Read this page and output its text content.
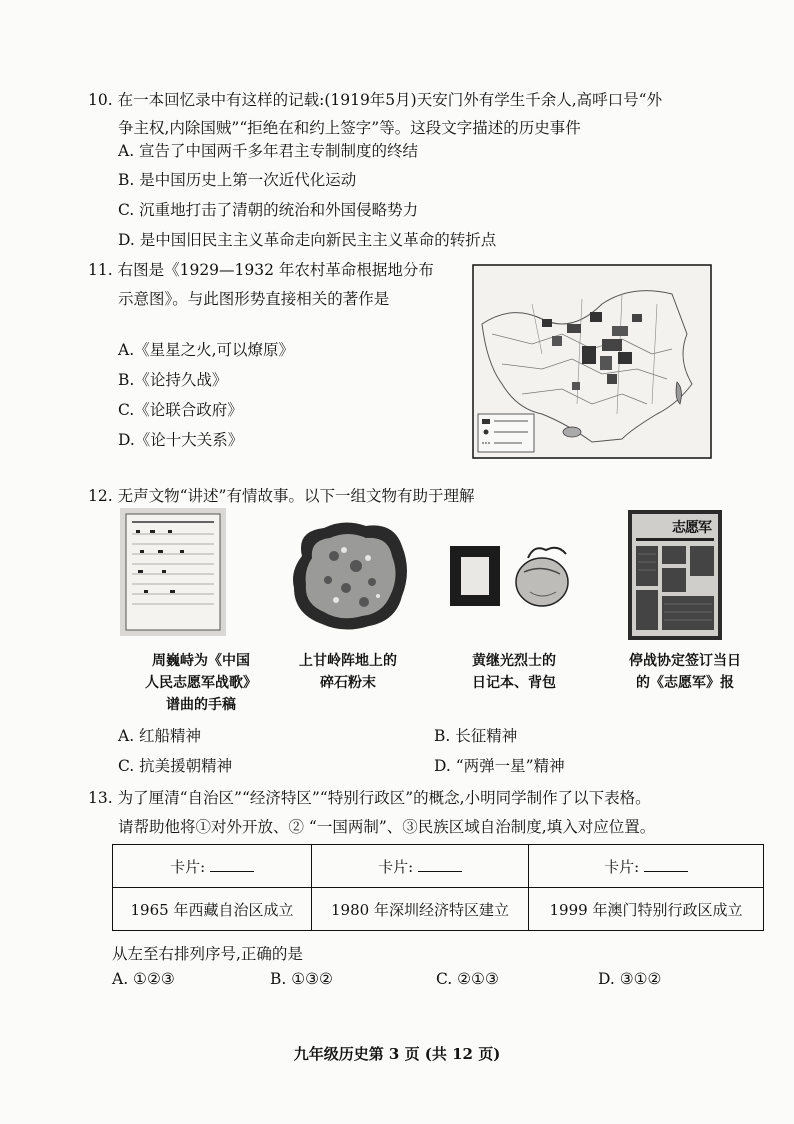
10. 在一本回忆录中有这样的记载:(1919年5月)天安门外有学生千余人,高呼口号“外
争主权,内除国贼”“拒绝在和约上签字”等。这段文字描述的历史事件
A. 宣告了中国两千多年君主专制制度的终结
B. 是中国历史上第一次近代化运动
C. 沉重地打击了清朝的统治和外国侵略势力
D. 是中国旧民主主义革命走向新民主主义革命的转折点
11. 右图是《1929—1932 年农村革命根据地分布
示意图》。与此图形势直接相关的著作是
A.《星星之火,可以燎原》
B.《论持久战》
C.《论联合政府》
D.《论十大关系》
12. 无声文物“讲述”有情故事。以下一组文物有助于理解
志愿军
周巍峙为《中国
人民志愿军战歌》
谱曲的手稿
上甘岭阵地上的
碎石粉末
黄继光烈士的
日记本、背包
停战协定签订当日
的《志愿军》报
A. 红船精神	B. 长征精神
C. 抗美援朝精神	D. “两弹一星”精神
13. 为了厘清“自治区”“经济特区”“特别行政区”的概念,小明同学制作了以下表格。
请帮助他将①对外开放、② “一国两制”、③民族区域自治制度,填入对应位置。
卡片:	卡片:	卡片:
1965 年西藏自治区成立	1980 年深圳经济特区建立	1999 年澳门特别行政区成立
从左至右排列序号,正确的是
A. ①②③	B. ①③②	C. ②①③	D. ③①②
九年级历史第 3 页 (共 12 页)
